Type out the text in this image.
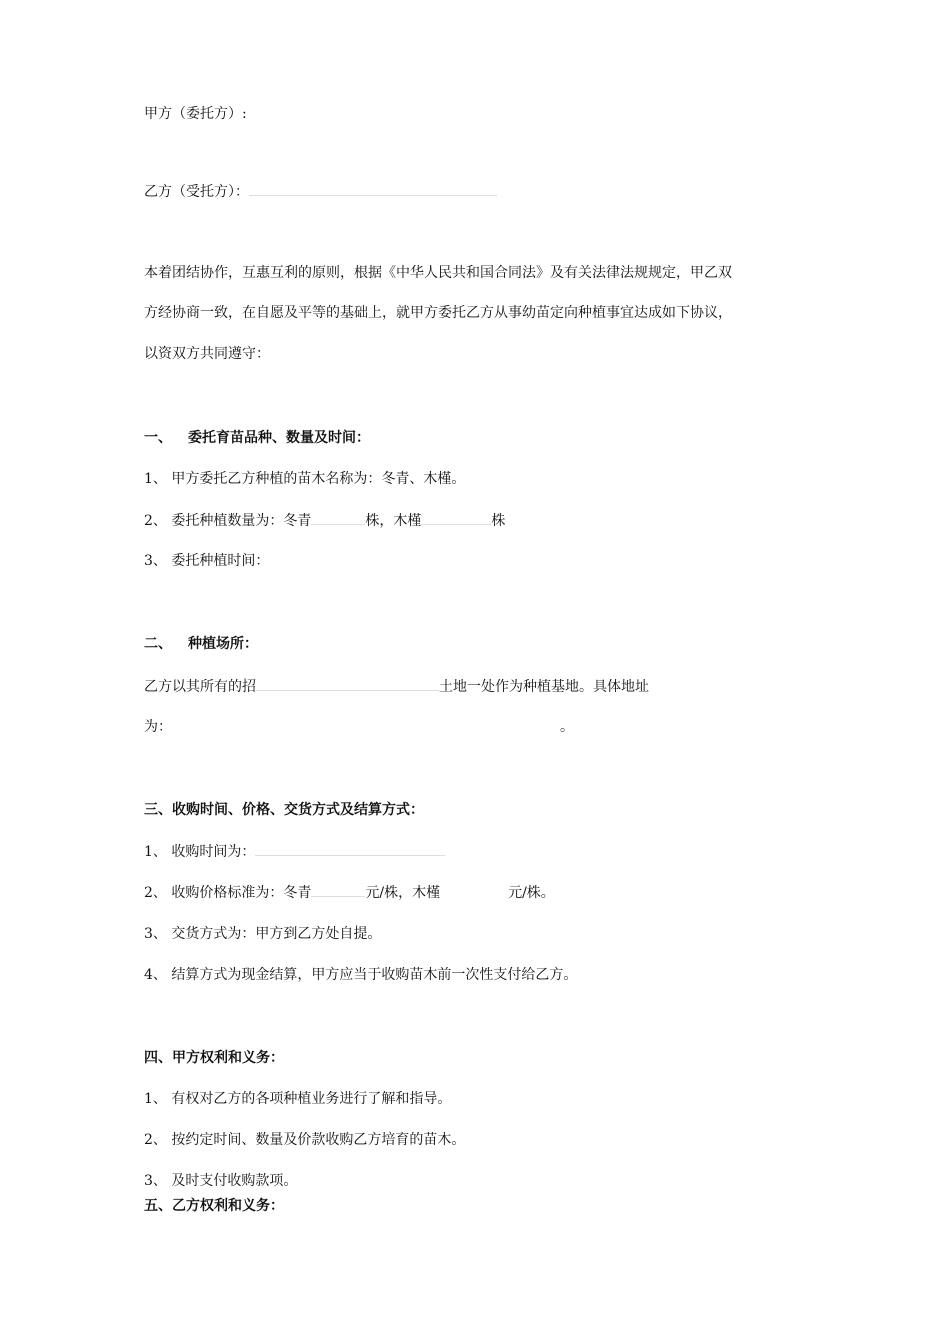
甲方（委托方）:
乙方（受托方）：
本着团结协作，互惠互利的原则，根据《中华人民共和国合同法》及有关法律法规规定，甲乙双
方经协商一致，在自愿及平等的基础上，就甲方委托乙方从事幼苗定向种植事宜达成如下协议，
以资双方共同遵守：
一、 委托育苗品种、数量及时间：
1、 甲方委托乙方种植的苗木名称为：冬青、木槿。
2、 委托种植数量为：冬青	株，木槿	株
3、 委托种植时间：
二、 种植场所：
乙方以其所有的招	土地一处作为种植基地。具体地址
为：	。
三、收购时间、价格、交货方式及结算方式：
1、 收购时间为：
2、 收购价格标准为：冬青	元/株，木槿	元/株。
3、 交货方式为：甲方到乙方处自提。
4、 结算方式为现金结算，甲方应当于收购苗木前一次性支付给乙方。
四、甲方权利和义务：
1、 有权对乙方的各项种植业务进行了解和指导。
2、 按约定时间、数量及价款收购乙方培育的苗木。
3、 及时支付收购款项。
五、乙方权利和义务：
